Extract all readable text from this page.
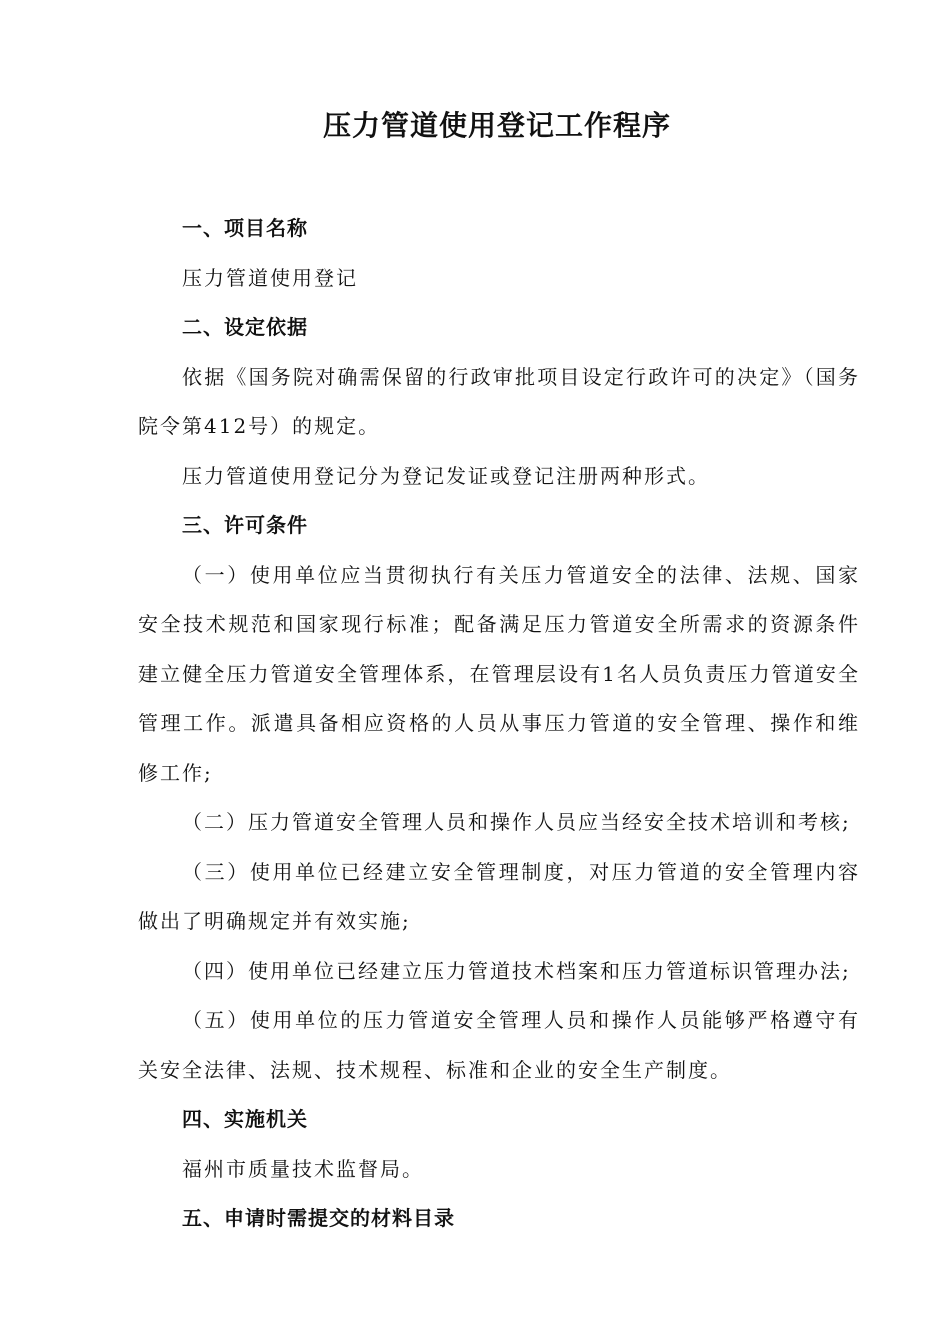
压力管道使用登记工作程序

一、项目名称

压力管道使用登记

二、设定依据

依据《国务院对确需保留的行政审批项目设定行政许可的决定》（国务院令第412号）的规定。

压力管道使用登记分为登记发证或登记注册两种形式。

三、许可条件

（一）使用单位应当贯彻执行有关压力管道安全的法律、法规、国家安全技术规范和国家现行标准；配备满足压力管道安全所需求的资源条件建立健全压力管道安全管理体系，在管理层设有1名人员负责压力管道安全管理工作。派遣具备相应资格的人员从事压力管道的安全管理、操作和维修工作;

（二）压力管道安全管理人员和操作人员应当经安全技术培训和考核;

（三）使用单位已经建立安全管理制度，对压力管道的安全管理内容做出了明确规定并有效实施;

（四）使用单位已经建立压力管道技术档案和压力管道标识管理办法;

（五）使用单位的压力管道安全管理人员和操作人员能够严格遵守有关安全法律、法规、技术规程、标准和企业的安全生产制度。

四、实施机关

福州市质量技术监督局。

五、申请时需提交的材料目录
